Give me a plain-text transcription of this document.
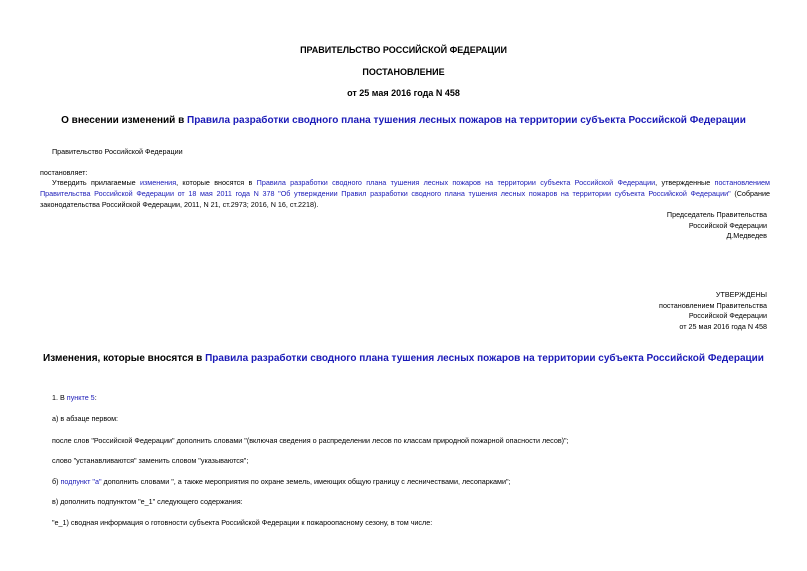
ПРАВИТЕЛЬСТВО РОССИЙСКОЙ ФЕДЕРАЦИИ
ПОСТАНОВЛЕНИЕ
от 25 мая 2016 года N 458
О внесении изменений в Правила разработки сводного плана тушения лесных пожаров на территории субъекта Российской Федерации
Правительство Российской Федерации
постановляет:
Утвердить прилагаемые изменения, которые вносятся в Правила разработки сводного плана тушения лесных пожаров на территории субъекта Российской Федерации, утвержденные постановлением Правительства Российской Федерации от 18 мая 2011 года N 378 "Об утверждении Правил разработки сводного плана тушения лесных пожаров на территории субъекта Российской Федерации" (Собрание законодательства Российской Федерации, 2011, N 21, ст.2973; 2016, N 16, ст.2218).
Председатель Правительства
Российской Федерации
Д.Медведев
УТВЕРЖДЕНЫ
постановлением Правительства
Российской Федерации
от 25 мая 2016 года N 458
Изменения, которые вносятся в Правила разработки сводного плана тушения лесных пожаров на территории субъекта Российской Федерации
1. В пункте 5:
а) в абзаце первом:
после слов "Российской Федерации" дополнить словами "(включая сведения о распределении лесов по классам природной пожарной опасности лесов)";
слово "устанавливаются" заменить словом "указываются";
б) подпункт "а" дополнить словами ", а также мероприятия по охране земель, имеющих общую границу с лесничествами, лесопарками";
в) дополнить подпунктом "е_1" следующего содержания:
"е_1) сводная информация о готовности субъекта Российской Федерации к пожароопасному сезону, в том числе:
